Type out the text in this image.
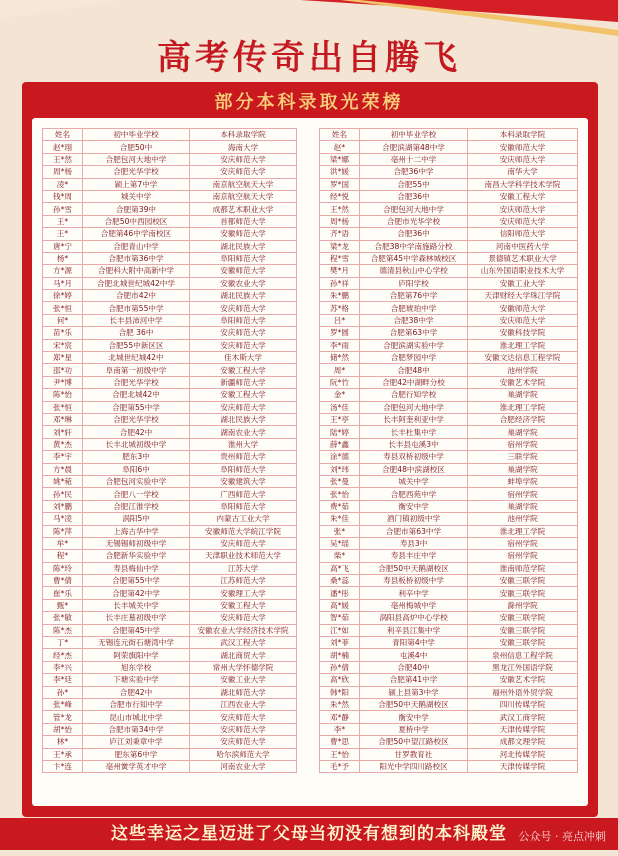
高考传奇出自腾飞
部分本科录取光荣榜
姓名	初中毕业学校	本科录取学院
赵*珝	合肥50中	海南大学
王*然	合肥包河大地中学	安庆师范大学
周*杨	合肥光华学校	安庆师范大学
凌*	颍上第7中学	南京航空航天大学
钱*周	城关中学	南京航空航天大学
孙*雪	合肥第39中	成都艺术职业大学
王*	合肥50中西园校区	首都师范大学
王*	合肥第46中学南校区	安徽师范大学
唐*宁	合肥青山中学	湖北民族大学
杨*	合肥市第36中学	阜阳师范大学
方*源	合肥科大附中高新中学	安徽师范大学
马*月	合肥北城世纪城42中学	安徽农业大学
徐*婷	合肥市42中	湖北民族大学
张*恒	合肥市第55中学	安庆师范大学
何*	长丰县沛河中学	阜阳师范大学
苗*乐	合肥 36中	安庆师范大学
宋*宸	合肥55中新区区	安庆师范大学
郑*星	北城世纪城42中	佳木斯大学
邵*功	阜南第一初级中学	安徽工程大学
尹*博	合肥光华学校	新疆师范大学
陈*怡	合肥北城42中	安徽工程大学
张*恒	合肥第55中学	安庆师范大学
邓*琳	合肥光华学校	湖北民族大学
刘*轩	合肥42中	湖南农业大学
黄*杰	长丰北城初级中学	淮州大学
李*宇	肥东3中	贵州师范大学
方*晨	阜阳6中	阜阳师范大学
姚*菀	合肥包河实验中学	安徽建筑大学
孙*民	合肥八一学校	广西师范大学
刘*鹏	合肥江淮学校	阜阳师范大学
马*凌	涡阳5中	内蒙古工业大学
陈*萍	上海古华中学	安徽师范大学皖江学院
牟*	无锡锡师初级中学	安庆师范大学
程*	合肥新华实验中学	天津职业技术师范大学
陈*玲	寿县梅仙中学	江苏大学
曹*倩	合肥第55中学	江苏师范大学
崔*乐	合肥第42中学	安徽理工大学
甄*	长丰城关中学	安徽工程大学
张*敏	长丰庄墓初级中学	安庆师范大学
陈*杰	合肥第45中学	安徽农业大学经济技术学院
丁*	无锡连元街石塘湾中学	武汉工程大学
经*杰	阿荣旗阳中学	湖北商贸大学
李*兴	旭东学校	常州大学怀德学院
李*廷	下塘实验中学	安徽工业大学
孙*	合肥42中	湖北师范大学
张*峰	合肥市行知中学	江西农业大学
管*龙	昆山市城北中学	安庆师范大学
胡*怡	合肥市第34中学	安庆师范大学
林*	庐江刘秉章中学	安庆师范大学
王*承	肥东第6中学	哈尔滨师范大学
卞*连	亳州黉学英才中学	河南农业大学
姓名	初中毕业学校	本科录取学院
赵*	合肥滨湖第48中学	安徽师范大学
梁*娜	亳州十二中学	安庆师范大学
洪*媛	合肥36中学	南华大学
罗*国	合肥55中	南昌大学科学技术学院
经*悦	合肥36中	安徽工程大学
王*然	合肥包河大地中学	安庆师范大学
周*杨	合肥市光华学校	安庆师范大学
齐*语	合肥36中	信阳师范大学
梁*龙	合肥38中学南施路分校	河南中医药大学
程*雪	合肥第45中学森林城校区	景德镇艺术职业大学
樊*月	德清县秋山中心学校	山东外国语职业技术大学
孙*祥	庐阳学校	安徽工业大学
朱*鹏	合肥第76中学	天津财经大学珠江学院
苏*格	合肥琥珀中学	安徽师范大学
吕*	合肥38中学	安庆师范大学
罗*圆	合肥第63中学	安徽科技学院
李*雨	合肥滨湖实验中学	淮北理工学院
储*然	合肥梦园中学	安徽文达信息工程学院
周*	合肥48中	池州学院
阮*竹	合肥42中湖畔分校	安徽艺术学院
金*	合肥行知学校	巢湖学院
汤*佳	合肥包河大地中学	淮北理工学院
王*亭	长丰阿奎利亚中学	合肥经济学院
陆*婷	长丰杜集中学	巢湖学院
薛*鑫	长丰县屯溪3中	宿州学院
涂*德	寿县双桥初级中学	三联学院
刘*玮	合肥48中滨湖校区	巢湖学院
张*曼	城关中学	蚌埠学院
张*怡	合肥西苑中学	宿州学院
费*茹	衡安中学	巢湖学院
朱*佳	酒门镇初级中学	池州学院
张*	合肥市第63中学	淮北理工学院
吴*瑶	寿县3中	宿州学院
柴*	寿县丰庄中学	宿州学院
高*飞	合肥50中天鹅湖校区	淮南师范学院
桑*蕊	寿县板桥初级中学	安徽三联学院
潘*彤	利辛中学	安徽三联学院
高*媛	亳州梅城中学	滁州学院
智*茹	涡阳县高炉中心学校	安徽三联学院
江*如	利辛县江集中学	安徽三联学院
刘*菲	青阳第4中学	安徽三联学院
胡*楠	屯溪4中	泉州信息工程学院
孙*倩	合肥40中	黑龙江外国语学院
高*欣	合肥第41中学	安徽艺术学院
韩*阳	颍上县第3中学	福州外语外贸学院
朱*然	合肥50中天鹅湖校区	四川传媒学院
邓*静	衡安中学	武汉工商学院
李*	夏桥中学	天津传媒学院
曹*思	合肥50中望江路校区	成都文理学院
王*怡	甘罗教育社	河北传媒学院
毛*予	阳光中学四川路校区	天津传媒学院
这些幸运之星迈进了父母当初没有想到的本科殿堂	公众号 · 亮点冲刺
